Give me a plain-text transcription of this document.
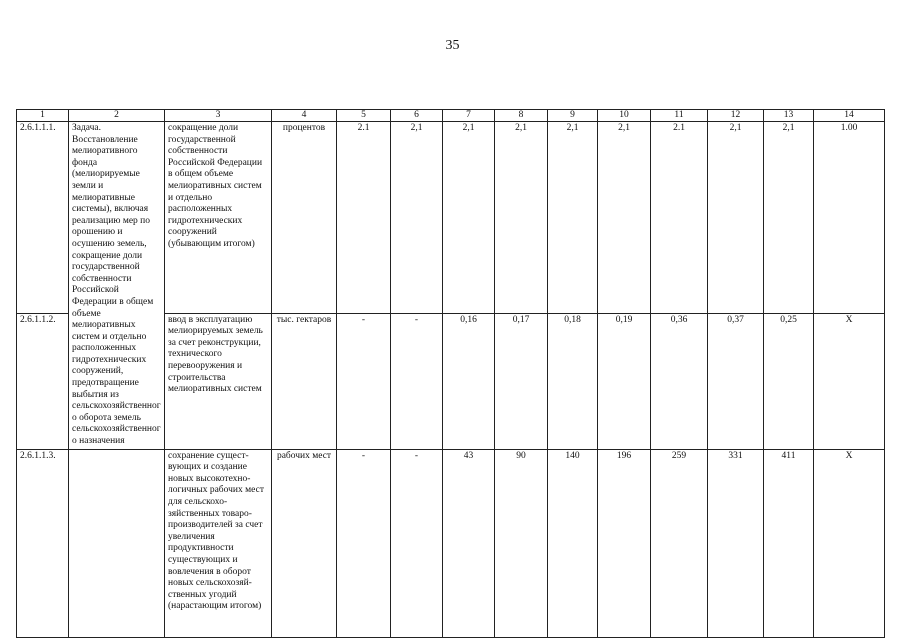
35
1	2	3	4	5	6	7	8	9	10	11	12	13	14
2.6.1.1.1.	Задача. Восстановление мелиоративного фонда (мелиорируемые земли и мелиоративные системы), включая реализацию мер по орошению и осушению земель, сокращение доли государственной собственности Российской Федерации в общем объеме мелиоративных систем и отдельно расположенных гидротехнических сооружений, предотвращение выбытия из сельскохозяйственного оборота земель сельскохозяйственного назначения	сокращение доли государственной собственности Российской Федерации в общем объеме мелиоративных систем и отдельно расположенных гидротехнических сооружений (убывающим итогом)	процентов	2.1	2,1	2,1	2,1	2,1	2,1	2.1	2,1	2,1	1.00
2.6.1.1.2.		ввод в эксплуатацию мелиорируемых земель за счет реконструкции, технического перевооружения и строительства мелиоративных систем	тыс. гектаров	-	-	0,16	0,17	0,18	0,19	0,36	0,37	0,25	X
2.6.1.1.3.		сохранение сущест-вующих и создание новых высокотехно-логичных рабочих мест для сельскохо-зяйственных товаро-производителей за счет увеличения продуктивности существующих и вовлечения в оборот новых сельскохозяй-ственных угодий (нарастающим итогом)	рабочих мест	-	-	43	90	140	196	259	331	411	X
